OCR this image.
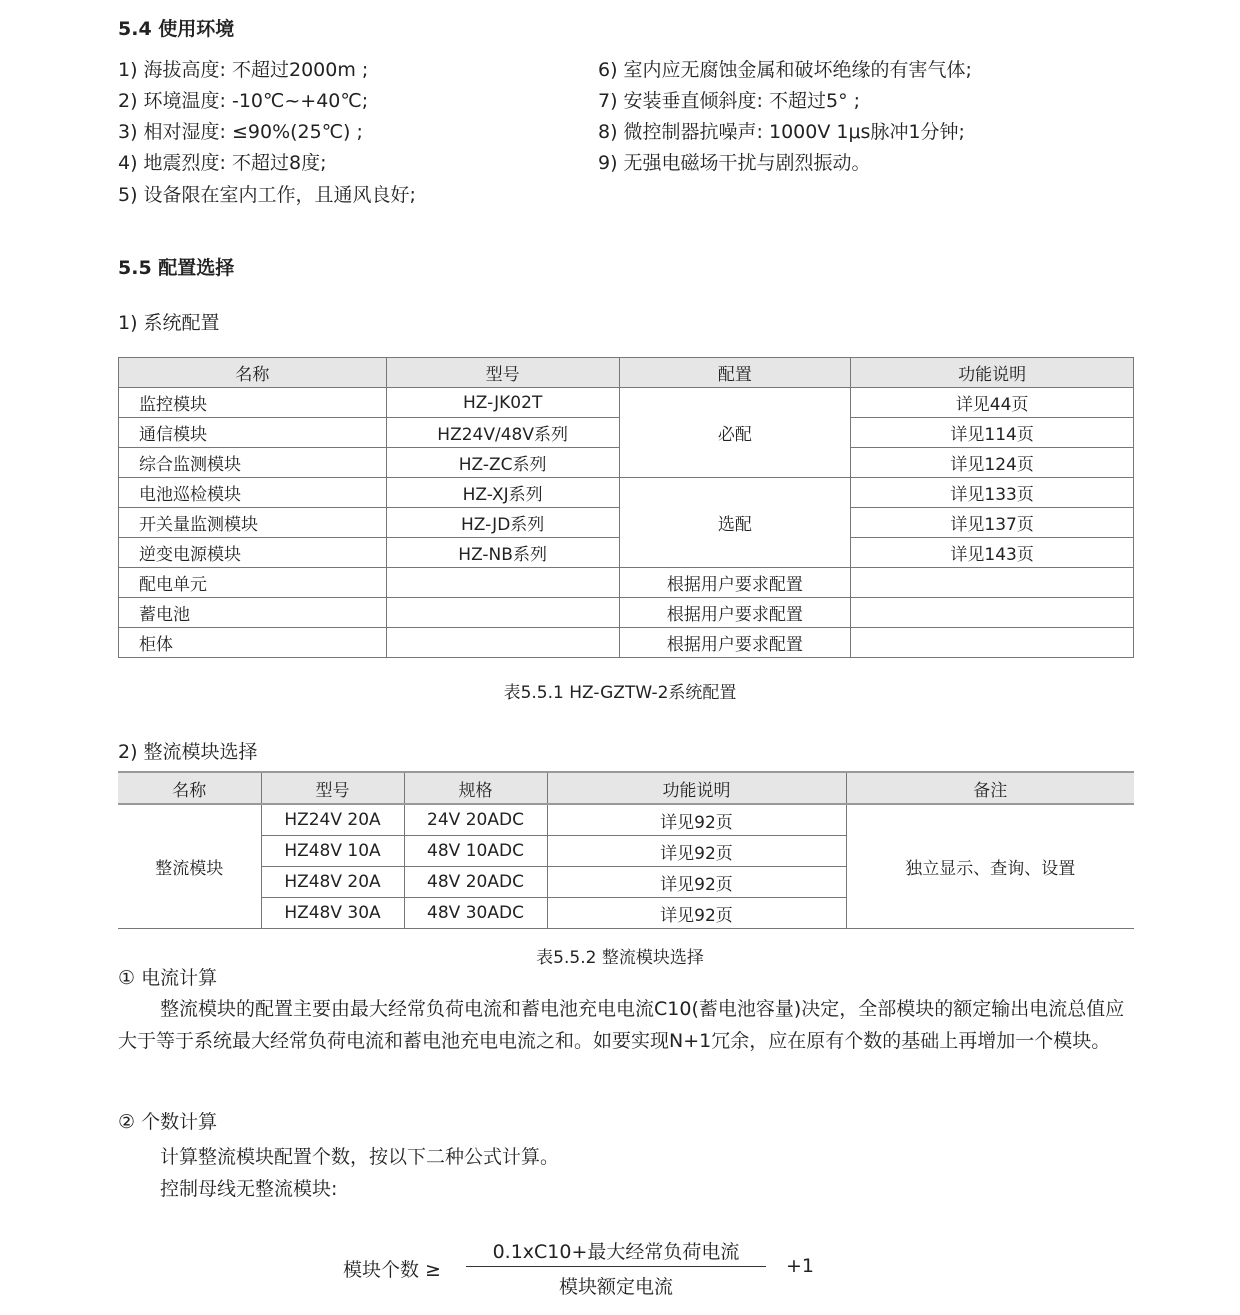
5.4 使用环境
1) 海拔高度: 不超过2000m ;
2) 环境温度: -10℃~+40℃;
3) 相对湿度: ≤90%(25℃) ;
4) 地震烈度: 不超过8度;
5) 设备限在室内工作，且通风良好;
6) 室内应无腐蚀金属和破坏绝缘的有害气体;
7) 安装垂直倾斜度: 不超过5° ;
8) 微控制器抗噪声: 1000V 1μs脉冲1分钟;
9) 无强电磁场干扰与剧烈振动。
5.5 配置选择
1) 系统配置
名称	型号	配置	功能说明
监控模块	HZ-JK02T	必配	详见44页
通信模块	HZ24V/48V系列		详见114页
综合监测模块	HZ-ZC系列		详见124页
电池巡检模块	HZ-XJ系列	选配	详见133页
开关量监测模块	HZ-JD系列		详见137页
逆变电源模块	HZ-NB系列		详见143页
配电单元		根据用户要求配置	
蓄电池		根据用户要求配置	
柜体		根据用户要求配置	
表5.5.1 HZ-GZTW-2系统配置
2) 整流模块选择
名称	型号	规格	功能说明	备注
整流模块	HZ24V 20A	24V 20ADC	详见92页	独立显示、查询、设置
	HZ48V 10A	48V 10ADC	详见92页	
	HZ48V 20A	48V 20ADC	详见92页	
	HZ48V 30A	48V 30ADC	详见92页	
表5.5.2 整流模块选择
① 电流计算
整流模块的配置主要由最大经常负荷电流和蓄电池充电电流C10(蓄电池容量)决定，全部模块的额定输出电流总值应大于等于系统最大经常负荷电流和蓄电池充电电流之和。如要实现N+1冗余，应在原有个数的基础上再增加一个模块。
② 个数计算
计算整流模块配置个数，按以下二种公式计算。
控制母线无整流模块:
模块个数 ≥
0.1xC10+最大经常负荷电流
模块额定电流
+1
